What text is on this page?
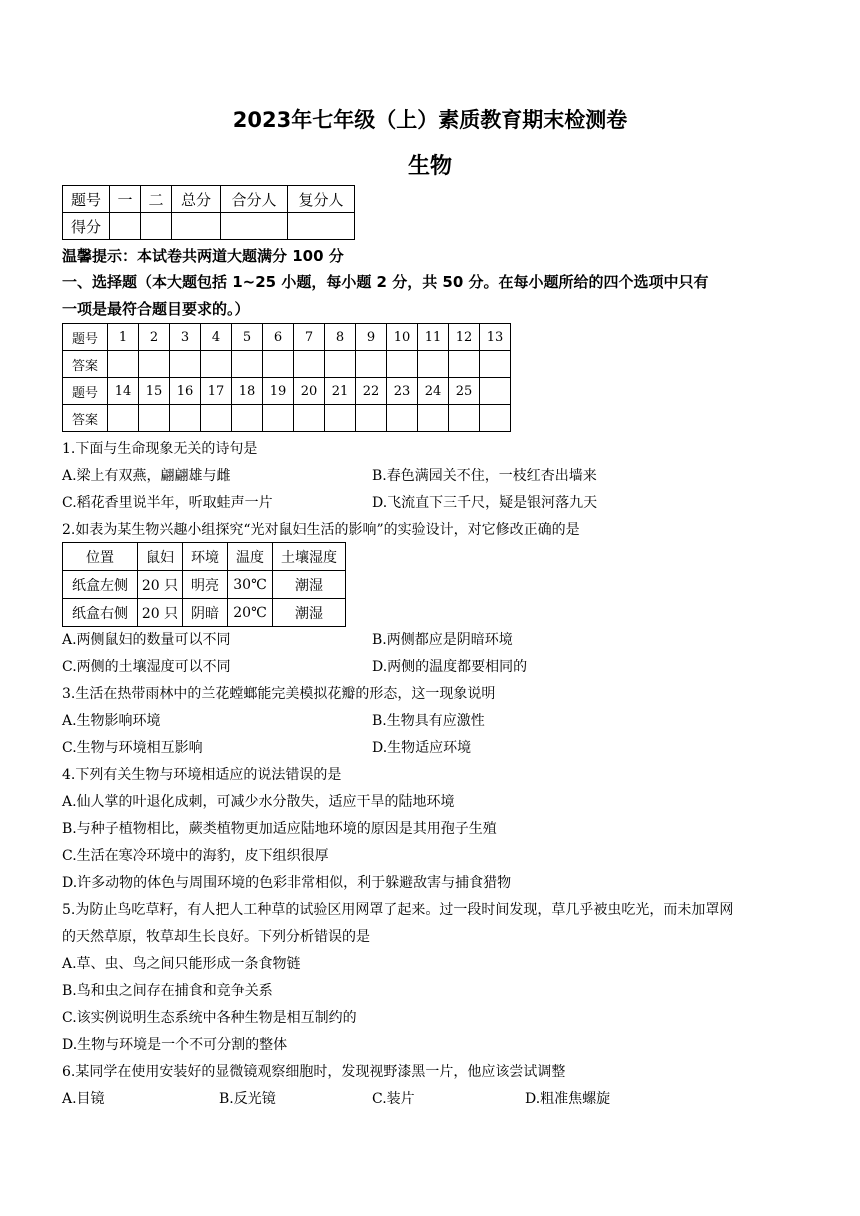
2023年七年级（上）素质教育期末检测卷
生物
题号	一	二	总分	合分人	复分人
得分					
温馨提示：本试卷共两道大题满分 100 分
一、选择题（本大题包括 1~25 小题，每小题 2 分，共 50 分。在每小题所给的四个选项中只有
一项是最符合题目要求的。）
题号	1	2	3	4	5	6	7	8	9	10	11	12	13
答案													
题号	14	15	16	17	18	19	20	21	22	23	24	25	
答案													
1.下面与生命现象无关的诗句是
A.梁上有双燕，翩翩雄与雌	B.春色满园关不住，一枝红杏出墙来
C.稻花香里说半年，听取蛙声一片	D.飞流直下三千尺，疑是银河落九天
2.如表为某生物兴趣小组探究“光对鼠妇生活的影响”的实验设计，对它修改正确的是
位置	鼠妇	环境	温度	土壤湿度
纸盒左侧	20 只	明亮	30℃	潮湿
纸盒右侧	20 只	阴暗	20℃	潮湿
A.两侧鼠妇的数量可以不同	B.两侧都应是阴暗环境
C.两侧的土壤湿度可以不同	D.两侧的温度都要相同的
3.生活在热带雨林中的兰花螳螂能完美模拟花瓣的形态，这一现象说明
A.生物影响环境	B.生物具有应激性
C.生物与环境相互影响	D.生物适应环境
4.下列有关生物与环境相适应的说法错误的是
A.仙人掌的叶退化成刺，可减少水分散失，适应干旱的陆地环境
B.与种子植物相比，蕨类植物更加适应陆地环境的原因是其用孢子生殖
C.生活在寒冷环境中的海豹，皮下组织很厚
D.许多动物的体色与周围环境的色彩非常相似，利于躲避敌害与捕食猎物
5.为防止鸟吃草籽，有人把人工种草的试验区用网罩了起来。过一段时间发现，草几乎被虫吃光，而未加罩网
的天然草原，牧草却生长良好。下列分析错误的是
A.草、虫、鸟之间只能形成一条食物链
B.鸟和虫之间存在捕食和竞争关系
C.该实例说明生态系统中各种生物是相互制约的
D.生物与环境是一个不可分割的整体
6.某同学在使用安装好的显微镜观察细胞时，发现视野漆黑一片，他应该尝试调整
A.目镜	B.反光镜	C.装片	D.粗准焦螺旋
